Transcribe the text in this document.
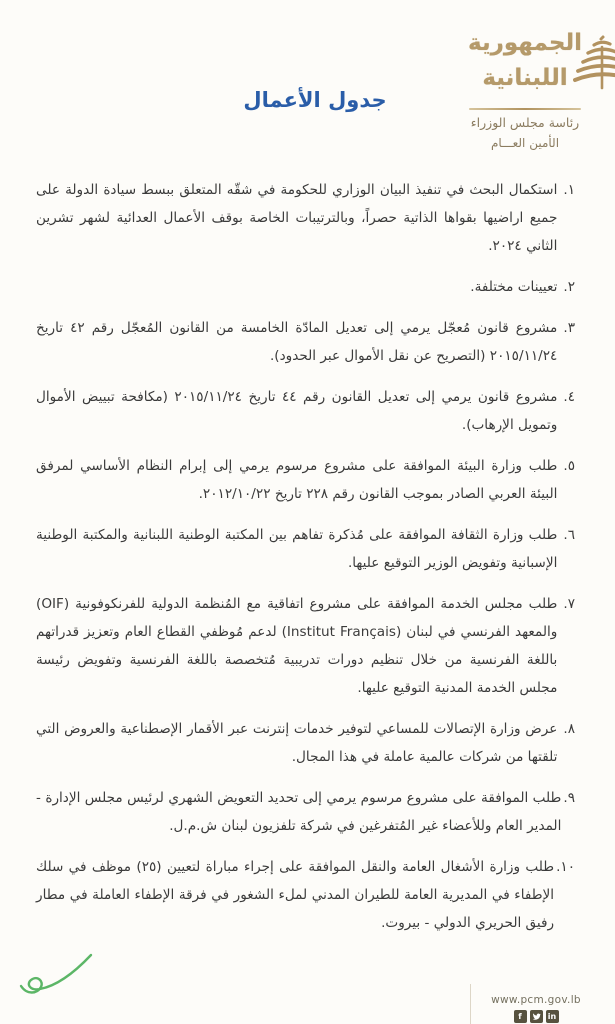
الجمهورية
اللبنانية
رئاسة مجلس الوزراء
الأمين العـــام
جدول الأعمال
١.
استكمال البحث في تنفيذ البيان الوزاري للحكومة في شقّه المتعلق ببسط سيادة الدولة على جميع اراضيها بقواها الذاتية حصراً، وبالترتيبات الخاصة بوقف الأعمال العدائية لشهر تشرين الثاني ٢٠٢٤.
٢.
تعيينات مختلفة.
٣.
مشروع قانون مُعجّل يرمي إلى تعديل المادّة الخامسة من القانون المُعجّل رقم ٤٢ تاريخ ٢٠١٥/١١/٢٤ (التصريح عن نقل الأموال عبر الحدود).
٤.
مشروع قانون يرمي إلى تعديل القانون رقم ٤٤ تاريخ ٢٠١٥/١١/٢٤ (مكافحة تبييض الأموال وتمويل الإرهاب).
٥.
طلب وزارة البيئة الموافقة على مشروع مرسوم يرمي إلى إبرام النظام الأساسي لمرفق البيئة العربي الصادر بموجب القانون رقم ٢٢٨ تاريخ ٢٠١٢/١٠/٢٢.
٦.
طلب وزارة الثقافة الموافقة على مُذكرة تفاهم بين المكتبة الوطنية اللبنانية والمكتبة الوطنية الإسبانية وتفويض الوزير التوقيع عليها.
٧.
طلب مجلس الخدمة الموافقة على مشروع اتفاقية مع المُنظمة الدولية للفرنكوفونية (OIF) والمعهد الفرنسي في لبنان (Institut Français) لدعم مُوظفي القطاع العام وتعزيز قدراتهم باللغة الفرنسية من خلال تنظيم دورات تدريبية مُتخصصة باللغة الفرنسية وتفويض رئيسة مجلس الخدمة المدنية التوقيع عليها.
٨.
عرض وزارة الإتصالات للمساعي لتوفير خدمات إنترنت عبر الأقمار الإصطناعية والعروض التي تلقتها من شركات عالمية عاملة في هذا المجال.
٩.
طلب الموافقة على مشروع مرسوم يرمي إلى تحديد التعويض الشهري لرئيس مجلس الإدارة - المدير العام وللأعضاء غير المُتفرغين في شركة تلفزيون لبنان ش.م.ل.
١٠.
طلب وزارة الأشغال العامة والنقل الموافقة على إجراء مباراة لتعيين (٢٥) موظف في سلك الإطفاء في المديرية العامة للطيران المدني لملء الشغور في فرقة الإطفاء العاملة في مطار رفيق الحريري الدولي - بيروت.
www.pcm.gov.lb
f	in
